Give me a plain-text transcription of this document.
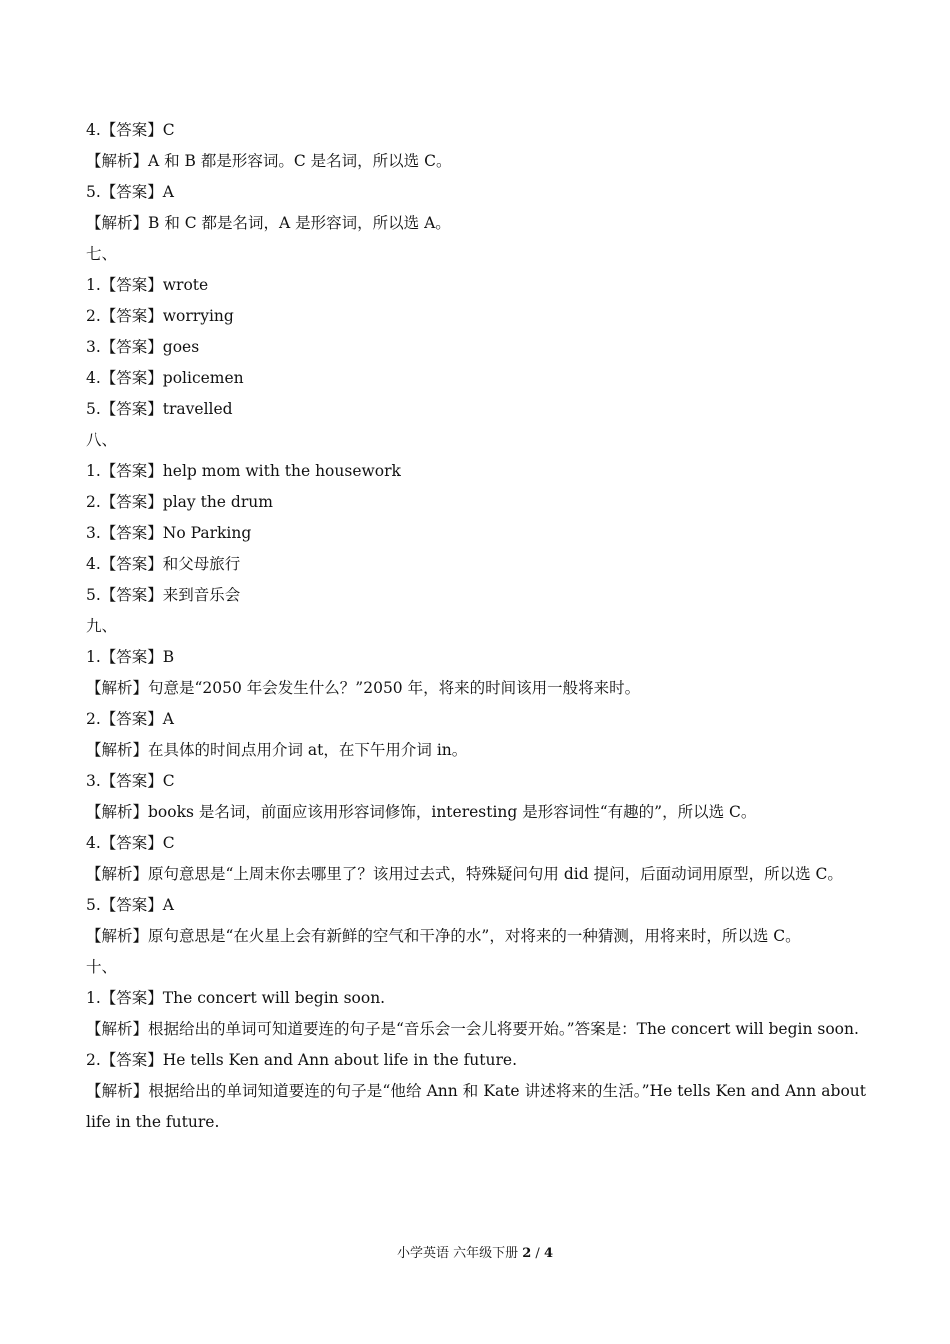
4.【答案】C
【解析】A 和 B 都是形容词。C 是名词，所以选 C。
5.【答案】A
【解析】B 和 C 都是名词，A 是形容词，所以选 A。
七、
1.【答案】wrote
2.【答案】worrying
3.【答案】goes
4.【答案】policemen
5.【答案】travelled
八、
1.【答案】help mom with the housework
2.【答案】play the drum
3.【答案】No Parking
4.【答案】和父母旅行
5.【答案】来到音乐会
九、
1.【答案】B
【解析】句意是“2050 年会发生什么？”2050 年，将来的时间该用一般将来时。
2.【答案】A
【解析】在具体的时间点用介词 at，在下午用介词 in。
3.【答案】C
【解析】books 是名词，前面应该用形容词修饰，interesting 是形容词性“有趣的”，所以选 C。
4.【答案】C
【解析】原句意思是“上周末你去哪里了？该用过去式，特殊疑问句用 did 提问，后面动词用原型，所以选 C。
5.【答案】A
【解析】原句意思是“在火星上会有新鲜的空气和干净的水”，对将来的一种猜测，用将来时，所以选 C。
十、
1.【答案】The concert will begin soon.
【解析】根据给出的单词可知道要连的句子是“音乐会一会儿将要开始。”答案是：The concert will begin soon.
2.【答案】He tells Ken and Ann about life in the future.
【解析】根据给出的单词知道要连的句子是“他给 Ann 和 Kate 讲述将来的生活。”He tells Ken and Ann about life in the future.
小学英语 六年级下册 2 / 4
